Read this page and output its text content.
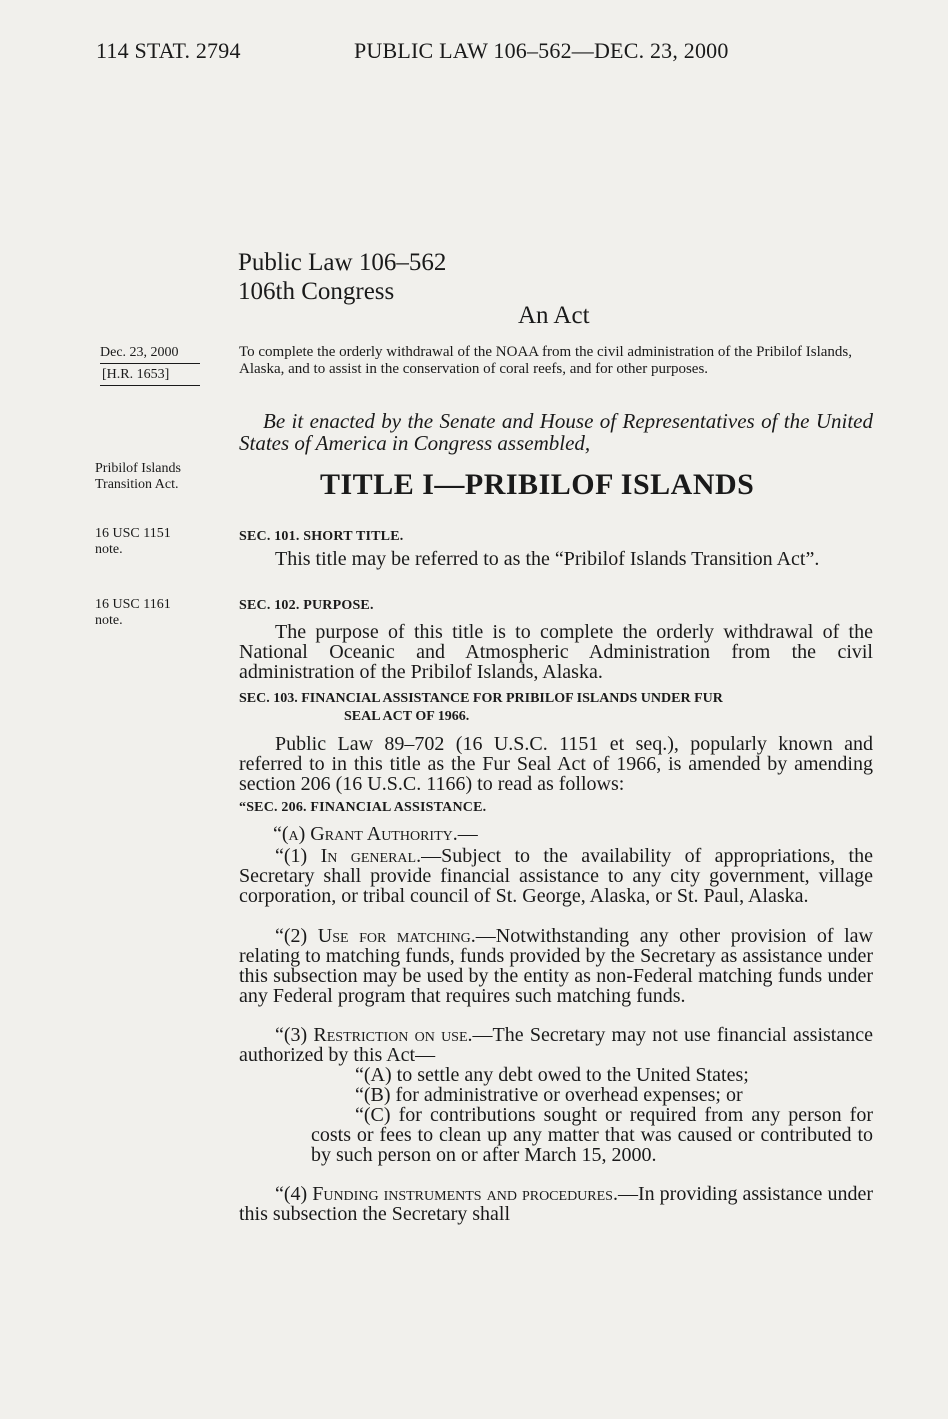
114 STAT. 2794	PUBLIC LAW 106–562—DEC. 23, 2000
Public Law 106–562
106th Congress
An Act
Dec. 23, 2000
[H.R. 1653]

To complete the orderly withdrawal of the NOAA from the civil administration of the Pribilof Islands, Alaska, and to assist in the conservation of coral reefs, and for other purposes.

Be it enacted by the Senate and House of Representatives of the United States of America in Congress assembled,

Pribilof Islands
Transition Act.	TITLE I—PRIBILOF ISLANDS
16 USC 1151
note.
SEC. 101. SHORT TITLE.

This title may be referred to as the “Pribilof Islands Transition Act”.

16 USC 1161
note.
SEC. 102. PURPOSE.

The purpose of this title is to complete the orderly withdrawal of the National Oceanic and Atmospheric Administration from the civil administration of the Pribilof Islands, Alaska.

SEC. 103. FINANCIAL ASSISTANCE FOR PRIBILOF ISLANDS UNDER FUR
SEAL ACT OF 1966.

Public Law 89–702 (16 U.S.C. 1151 et seq.), popularly known and referred to in this title as the Fur Seal Act of 1966, is amended by amending section 206 (16 U.S.C. 1166) to read as follows:

“SEC. 206. FINANCIAL ASSISTANCE.
“(a) Grant Authority.—

“(1) In general.—Subject to the availability of appropriations, the Secretary shall provide financial assistance to any city government, village corporation, or tribal council of St. George, Alaska, or St. Paul, Alaska.

“(2) Use for matching.—Notwithstanding any other provision of law relating to matching funds, funds provided by the Secretary as assistance under this subsection may be used by the entity as non-Federal matching funds under any Federal program that requires such matching funds.

“(3) Restriction on use.—The Secretary may not use financial assistance authorized by this Act—

“(A) to settle any debt owed to the United States;

“(B) for administrative or overhead expenses; or

“(C) for contributions sought or required from any person for costs or fees to clean up any matter that was caused or contributed to by such person on or after March 15, 2000.

“(4) Funding instruments and procedures.—In providing assistance under this subsection the Secretary shall
